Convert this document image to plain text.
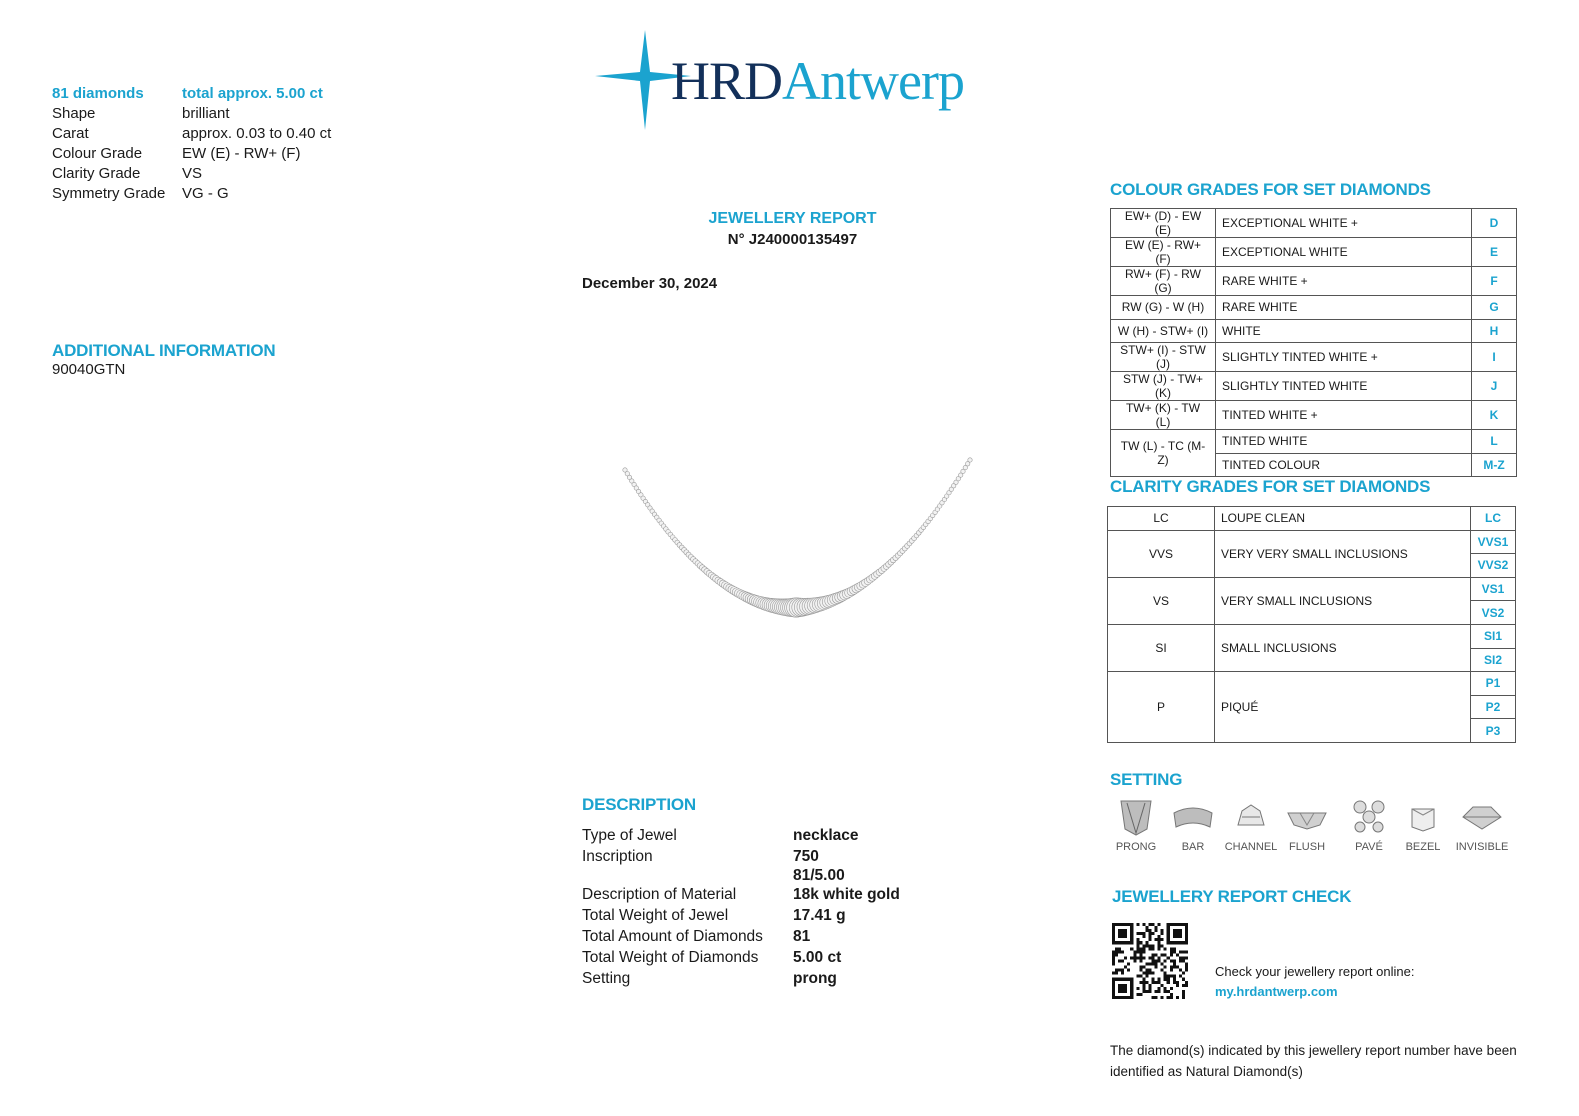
81 diamonds	total approx. 5.00 ct
Shape	brilliant
Carat	approx. 0.03 to 0.40 ct
Colour Grade	EW (E) - RW+ (F)
Clarity Grade	VS
Symmetry Grade	VG - G
ADDITIONAL INFORMATION
90040GTN
HRDAntwerp
JEWELLERY REPORT
N° J240000135497
December 30, 2024
DESCRIPTION
Type of Jewel	necklace
Inscription	750
	81/5.00
Description of Material	18k white gold
Total Weight of Jewel	17.41 g
Total Amount of Diamonds	81
Total Weight of Diamonds	5.00 ct
Setting	prong
COLOUR GRADES FOR SET DIAMONDS
EW+ (D) - EW (E)	EXCEPTIONAL WHITE +	D
EW (E) - RW+ (F)	EXCEPTIONAL WHITE	E
RW+ (F) - RW (G)	RARE WHITE +	F
RW (G) - W (H)	RARE WHITE	G
W (H) - STW+ (I)	WHITE	H
STW+ (I) - STW (J)	SLIGHTLY TINTED WHITE +	I
STW (J) - TW+ (K)	SLIGHTLY TINTED WHITE	J
TW+ (K) - TW (L)	TINTED WHITE +	K
TW (L) - TC (M-Z)	TINTED WHITE	L
	TINTED COLOUR	M-Z
CLARITY GRADES FOR SET DIAMONDS
LC	LOUPE CLEAN	LC
VVS	VERY VERY SMALL INCLUSIONS	VVS1
		VVS2
VS	VERY SMALL INCLUSIONS	VS1
		VS2
SI	SMALL INCLUSIONS	SI1
		SI2
P	PIQUÉ	P1
		P2
		P3
SETTING
PRONG BAR CHANNEL FLUSH	PAVÉ BEZEL INVISIBLE
JEWELLERY REPORT CHECK
Check your jewellery report online:
my.hrdantwerp.com
The diamond(s) indicated by this jewellery report number have been
identified as Natural Diamond(s)
